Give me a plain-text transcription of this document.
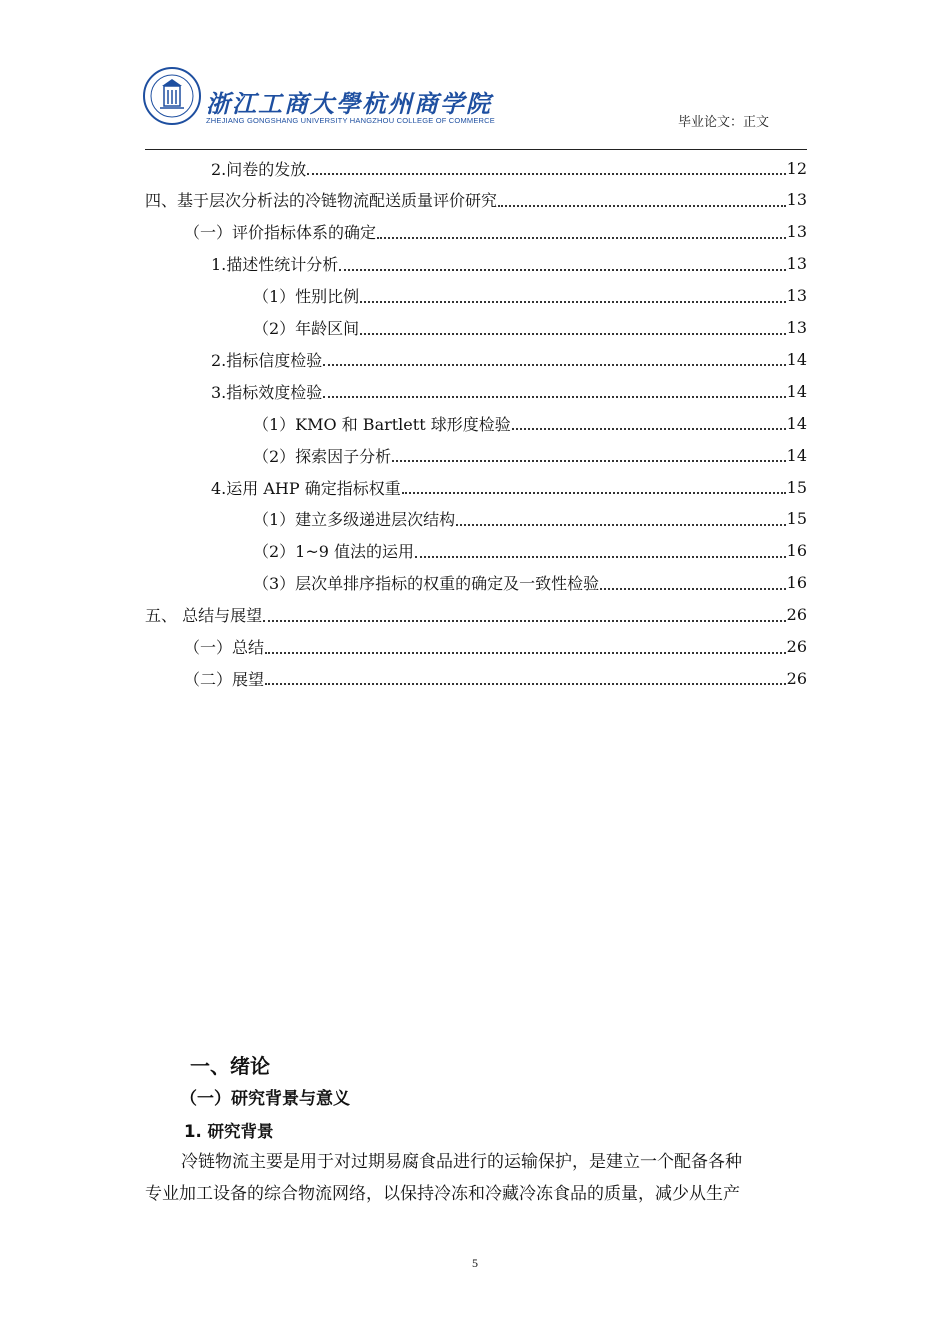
浙江工商大學杭州商学院
ZHEJIANG GONGSHANG UNIVERSITY HANGZHOU COLLEGE OF COMMERCE	毕业论文：正文
2.问卷的发放	12
四、基于层次分析法的冷链物流配送质量评价研究	13
（一）评价指标体系的确定	13
1.描述性统计分析	13
（1）性别比例	13
（2）年龄区间	13
2.指标信度检验	14
3.指标效度检验	14
（1）KMO 和 Bartlett 球形度检验	14
（2）探索因子分析	14
4.运用 AHP 确定指标权重	15
（1）建立多级递进层次结构	15
（2）1~9 值法的运用	16
（3）层次单排序指标的权重的确定及一致性检验	16
五、 总结与展望	26
（一）总结	26
（二）展望	26
一、绪论
（一）研究背景与意义
1. 研究背景
冷链物流主要是用于对过期易腐食品进行的运输保护，是建立一个配备各种
专业加工设备的综合物流网络，以保持冷冻和冷藏冷冻食品的质量，减少从生产
5
